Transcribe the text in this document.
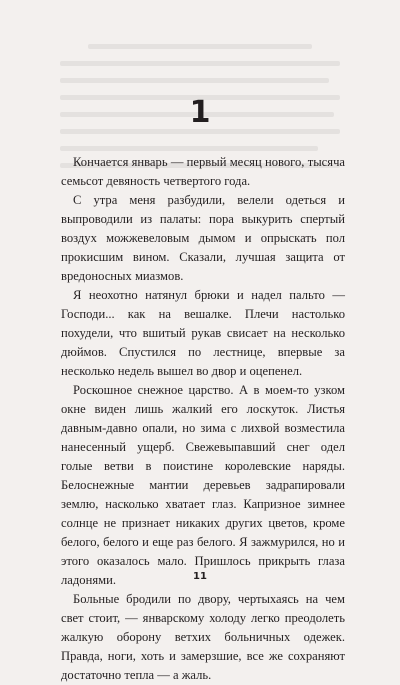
1

Кончается январь — первый месяц нового, тысяча семьсот девяность четвертого года.

С утра меня разбудили, велели одеться и выпроводили из палаты: пора выкурить спертый воздух можжевеловым дымом и опрыскать пол прокисшим вином. Сказали, лучшая защита от вредоносных миазмов.

Я неохотно натянул брюки и надел пальто — Господи... как на вешалке. Плечи настолько похудели, что вшитый рукав свисает на несколько дюймов. Спустился по лестнице, впервые за несколько недель вышел во двор и оцепенел.

Роскошное снежное царство. А в моем-то узком окне виден лишь жалкий его лоскуток. Листья давным-давно опали, но зима с лихвой возместила нанесенный ущерб. Свежевыпавший снег одел голые ветви в поистине королевские наряды. Белоснежные мантии деревьев задрапировали землю, насколько хватает глаз. Капризное зимнее солнце не признает никаких других цветов, кроме белого, белого и еще раз белого. Я зажмурился, но и этого оказалось мало. Пришлось прикрыть глаза ладонями.

Больные бродили по двору, чертыхаясь на чем свет стоит, — январскому холоду легко преодолеть жалкую оборону ветхих больничных одежек. Правда, ноги, хоть и замерзшие, все же сохраняют достаточно тепла — а жаль.

11
